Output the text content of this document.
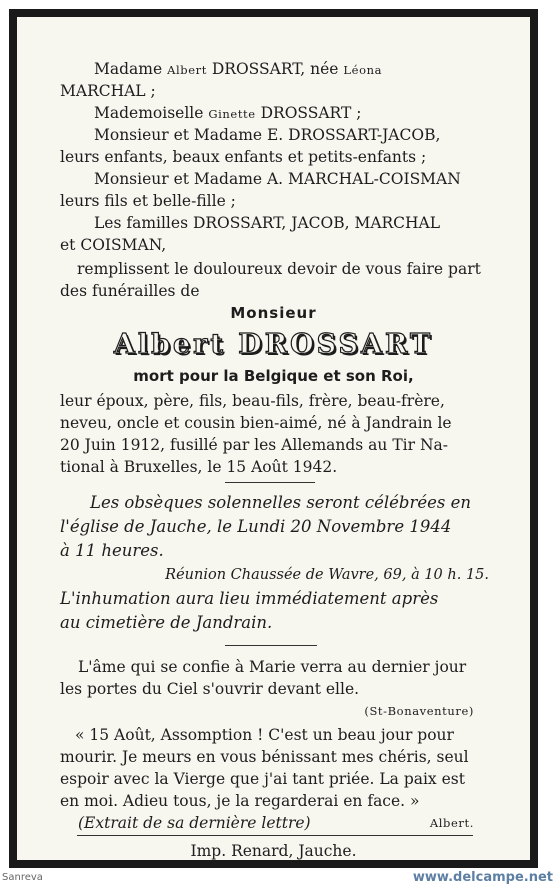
Madame Albert DROSSART, née Léona
MARCHAL ;
Mademoiselle Ginette DROSSART ;
Monsieur et Madame E. DROSSART-JACOB,
leurs enfants, beaux enfants et petits-enfants ;
Monsieur et Madame A. MARCHAL-COISMAN
leurs fils et belle-fille ;
Les familles DROSSART, JACOB, MARCHAL
et COISMAN,
remplissent le douloureux devoir de vous faire part
des funérailles de
Monsieur
Albert DROSSART
mort pour la Belgique et son Roi,
leur époux, père, fils, beau-fils, frère, beau-frère,
neveu, oncle et cousin bien-aimé, né à Jandrain le
20 Juin 1912, fusillé par les Allemands au Tir Na-
tional à Bruxelles, le 15 Août 1942.
Les obsèques solennelles seront célébrées en
l'église de Jauche, le Lundi 20 Novembre 1944
à 11 heures.
Réunion Chaussée de Wavre, 69, à 10 h. 15.
L'inhumation aura lieu immédiatement après
au cimetière de Jandrain.
L'âme qui se confie à Marie verra au dernier jour
les portes du Ciel s'ouvrir devant elle.
(St-Bonaventure)
« 15 Août, Assomption ! C'est un beau jour pour
mourir. Je meurs en vous bénissant mes chéris, seul
espoir avec la Vierge que j'ai tant priée. La paix est
en moi. Adieu tous, je la regarderai en face. »
(Extrait de sa dernière lettre)	Albert.
Imp. Renard, Jauche.
Sanreva	www.delcampe.net
